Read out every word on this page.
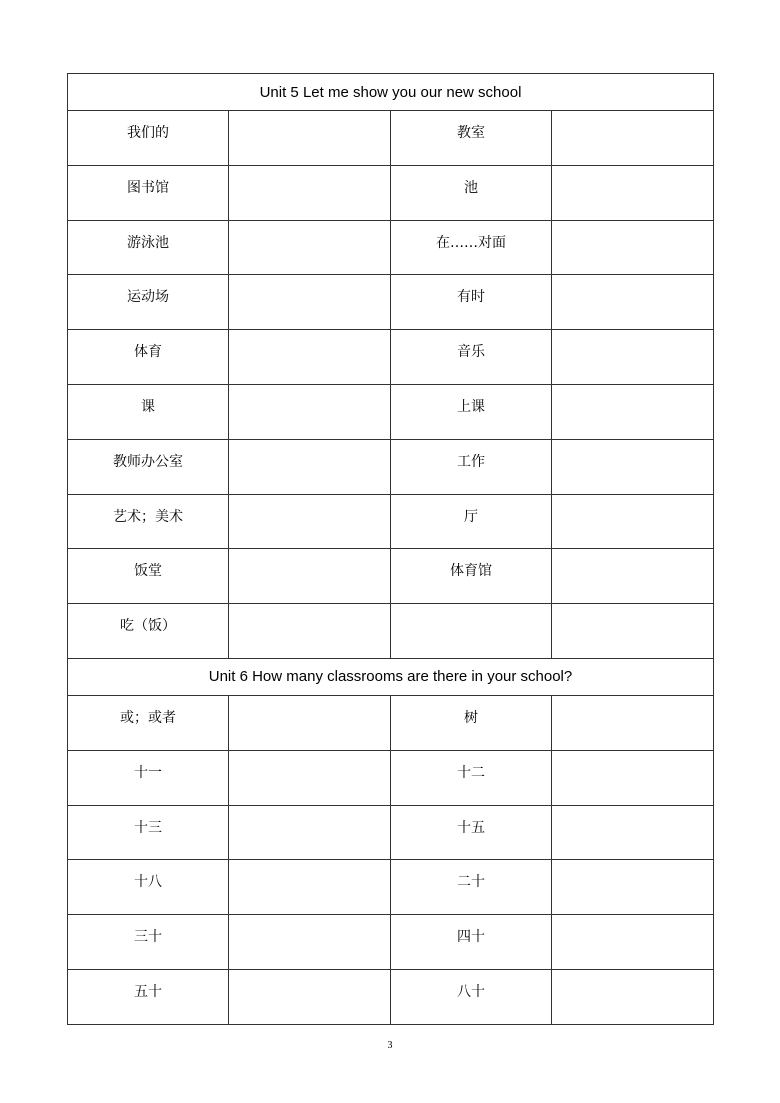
Unit 5 Let me show you our new school			
我们的		教室	
图书馆		池	
游泳池		在……对面	
运动场		有时	
体育		音乐	
课		上课	
教师办公室		工作	
艺术；美术		厅	
饭堂		体育馆	
吃（饭）			
Unit 6 How many classrooms are there in your school?			
或；或者		树	
十一		十二	
十三		十五	
十八		二十	
三十		四十	
五十		八十	
3
